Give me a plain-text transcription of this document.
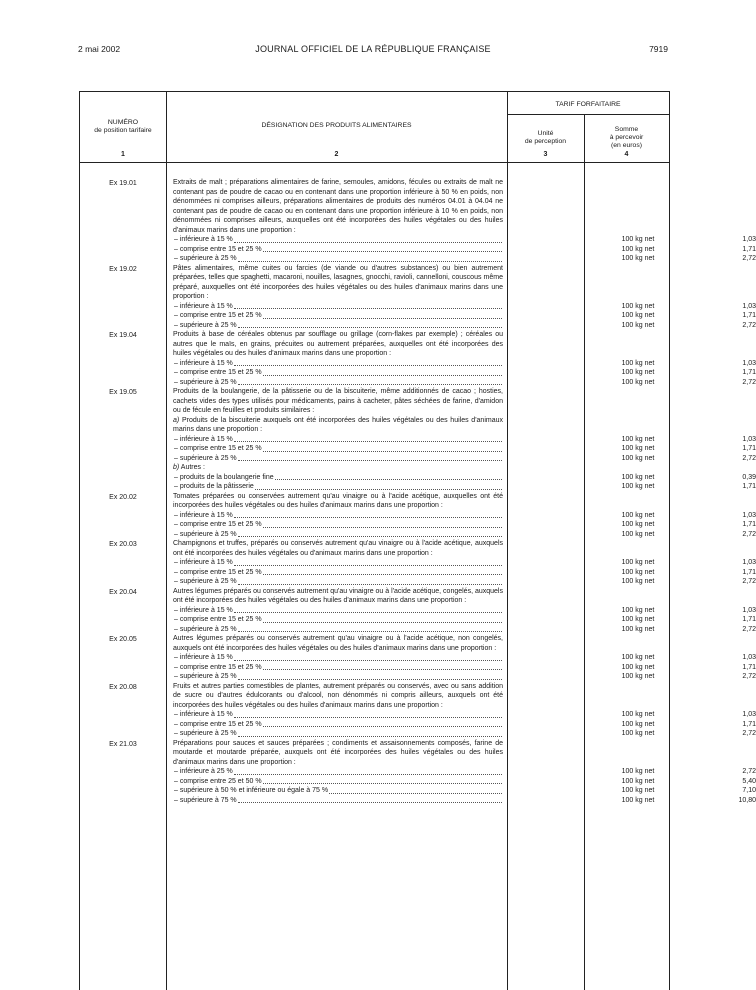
2 mai 2002	JOURNAL OFFICIEL DE LA RÉPUBLIQUE FRANÇAISE	7919
NUMÉRO
de position tarifaire
DÉSIGNATION DES PRODUITS ALIMENTAIRES
TARIF FORFAITAIRE
Unité
de perception
Somme
à percevoir
(en euros)
1	2	3	4
Ex 19.01	Extraits de malt ; préparations alimentaires de farine, semoules, amidons, fécules ou extraits de malt ne contenant pas de poudre de cacao ou en contenant dans une proportion inférieure à 50 % en poids, non dénommées ni comprises ailleurs, préparations alimentaires de produits des numéros 04.01 à 04.04 ne contenant pas de poudre de cacao ou en contenant dans une proportion inférieure à 10 % en poids, non dénommées ni comprises ailleurs, auxquelles ont été incorporées des huiles végétales ou des huiles d'animaux marins dans une proportion :
– inférieure à 15 %	100 kg net	1,03
– comprise entre 15 et 25 %	100 kg net	1,71
– supérieure à 25 %	100 kg net	2,72
Ex 19.02	Pâtes alimentaires, même cuites ou farcies (de viande ou d'autres substances) ou bien autrement préparées, telles que spaghetti, macaroni, nouilles, lasagnes, gnocchi, ravioli, cannelloni, couscous même préparé, auxquelles ont été incorporées des huiles végétales ou des huiles d'animaux marins dans une proportion :
– inférieure à 15 %	100 kg net	1,03
– comprise entre 15 et 25 %	100 kg net	1,71
– supérieure à 25 %	100 kg net	2,72
Ex 19.04	Produits à base de céréales obtenus par soufflage ou grillage (corn-flakes par exemple) ; céréales ou autres que le maïs, en grains, précuites ou autrement préparées, auxquelles ont été incorporées des huiles végétales ou des huiles d'animaux marins dans une proportion :
– inférieure à 15 %	100 kg net	1,03
– comprise entre 15 et 25 %	100 kg net	1,71
– supérieure à 25 %	100 kg net	2,72
Ex 19.05	Produits de la boulangerie, de la pâtisserie ou de la biscuiterie, même additionnés de cacao ; hosties, cachets vides des types utilisés pour médicaments, pains à cacheter, pâtes séchées de farine, d'amidon ou de fécule en feuilles et produits similaires :
a) Produits de la biscuiterie auxquels ont été incorporées des huiles végétales ou des huiles d'animaux marins dans une proportion :
– inférieure à 15 %	100 kg net	1,03
– comprise entre 15 et 25 %	100 kg net	1,71
– supérieure à 25 %	100 kg net	2,72
b) Autres :
– produits de la boulangerie fine	100 kg net	0,39
– produits de la pâtisserie	100 kg net	1,71
Ex 20.02	Tomates préparées ou conservées autrement qu'au vinaigre ou à l'acide acétique, auxquelles ont été incorporées des huiles végétales ou des huiles d'animaux marins dans une proportion :
– inférieure à 15 %	100 kg net	1,03
– comprise entre 15 et 25 %	100 kg net	1,71
– supérieure à 25 %	100 kg net	2,72
Ex 20.03	Champignons et truffes, préparés ou conservés autrement qu'au vinaigre ou à l'acide acétique, auxquels ont été incorporées des huiles végétales ou d'animaux marins dans une proportion :
– inférieure à 15 %	100 kg net	1,03
– comprise entre 15 et 25 %	100 kg net	1,71
– supérieure à 25 %	100 kg net	2,72
Ex 20.04	Autres légumes préparés ou conservés autrement qu'au vinaigre ou à l'acide acétique, congelés, auxquels ont été incorporées des huiles végétales ou des huiles d'animaux marins dans une proportion :
– inférieure à 15 %	100 kg net	1,03
– comprise entre 15 et 25 %	100 kg net	1,71
– supérieure à 25 %	100 kg net	2,72
Ex 20.05	Autres légumes préparés ou conservés autrement qu'au vinaigre ou à l'acide acétique, non congelés, auxquels ont été incorporées des huiles végétales ou des huiles d'animaux marins dans une proportion :
– inférieure à 15 %	100 kg net	1,03
– comprise entre 15 et 25 %	100 kg net	1,71
– supérieure à 25 %	100 kg net	2,72
Ex 20.08	Fruits et autres parties comestibles de plantes, autrement préparés ou conservés, avec ou sans addition de sucre ou d'autres édulcorants ou d'alcool, non dénommés ni compris ailleurs, auxquels ont été incorporées des huiles végétales ou des huiles d'animaux marins dans une proportion :
– inférieure à 15 %	100 kg net	1,03
– comprise entre 15 et 25 %	100 kg net	1,71
– supérieure à 25 %	100 kg net	2,72
Ex 21.03	Préparations pour sauces et sauces préparées ; condiments et assaisonnements composés, farine de moutarde et moutarde préparée, auxquels ont été incorporées des huiles végétales ou des huiles d'animaux marins dans une proportion :
– inférieure à 25 %	100 kg net	2,72
– comprise entre 25 et 50 %	100 kg net	5,40
– supérieure à 50 % et inférieure ou égale à 75 %	100 kg net	7,10
– supérieure à 75 %	100 kg net	10,80
